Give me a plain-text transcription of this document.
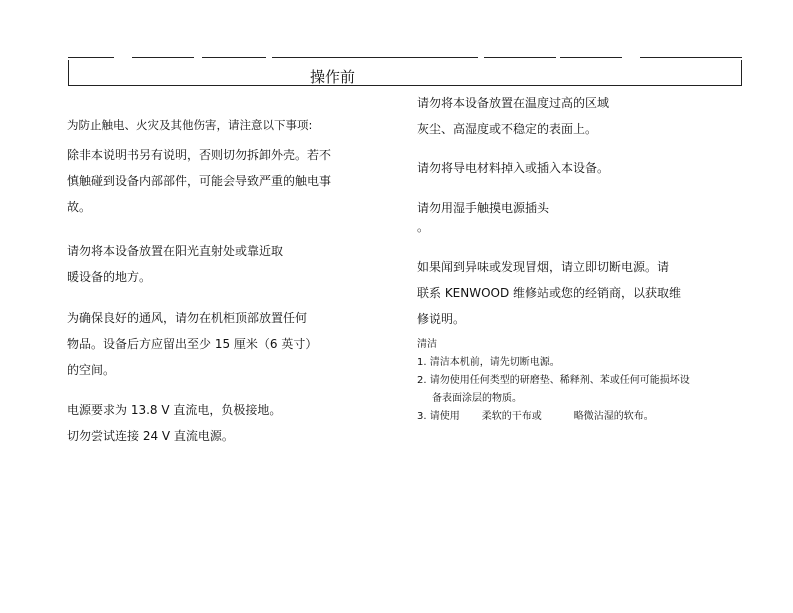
操作前
为防止触电、火灾及其他伤害，请注意以下事项:
除非本说明书另有说明，否则切勿拆卸外壳。若不
慎触碰到设备内部部件，可能会导致严重的触电事
故。
请勿将本设备放置在阳光直射处或靠近取
暖设备的地方。
为确保良好的通风，请勿在机柜顶部放置任何
物品。设备后方应留出至少 15 厘米（6 英寸）
的空间。
电源要求为 13.8 V 直流电，负极接地。
切勿尝试连接 24 V 直流电源。
请勿将本设备放置在温度过高的区域
灰尘、高湿度或不稳定的表面上。
请勿将导电材料掉入或插入本设备。
请勿用湿手触摸电源插头
。
如果闻到异味或发现冒烟，请立即切断电源。请
联系 KENWOOD 维修站或您的经销商，以获取维
修说明。
清洁
1. 清洁本机前，请先切断电源。
2. 请勿使用任何类型的研磨垫、稀释剂、苯或任何可能损坏设
备表面涂层的物质。
3. 请使用 柔软的干布或	略微沾湿的软布。
